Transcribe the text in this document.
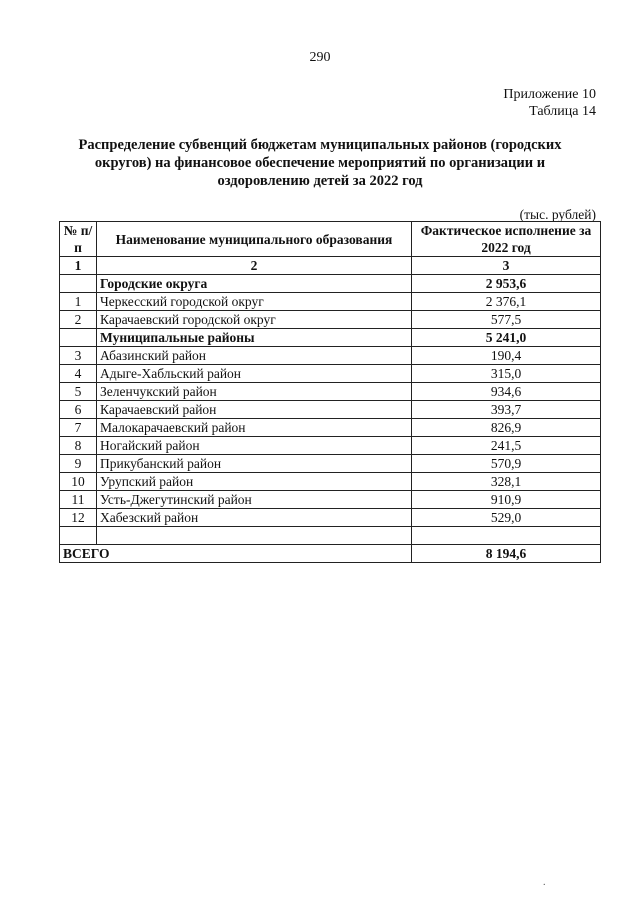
290
Приложение 10
Таблица 14
Распределение субвенций бюджетам муниципальных районов (городских
округов) на финансовое обеспечение мероприятий по организации и
оздоровлению детей за 2022 год
(тыс. рублей)
№ п/п	Наименование муниципального образования	Фактическое исполнение за 2022 год
1	2	3
	Городские округа	2 953,6
1	Черкесский городской округ	2 376,1
2	Карачаевский городской округ	577,5
	Муниципальные районы	5 241,0
3	Абазинский район	190,4
4	Адыге-Хабльский район	315,0
5	Зеленчукский район	934,6
6	Карачаевский район	393,7
7	Малокарачаевский район	826,9
8	Ногайский район	241,5
9	Прикубанский район	570,9
10	Урупский район	328,1
11	Усть-Джегутинский район	910,9
12	Хабезский район	529,0

ВСЕГО		8 194,6
.
